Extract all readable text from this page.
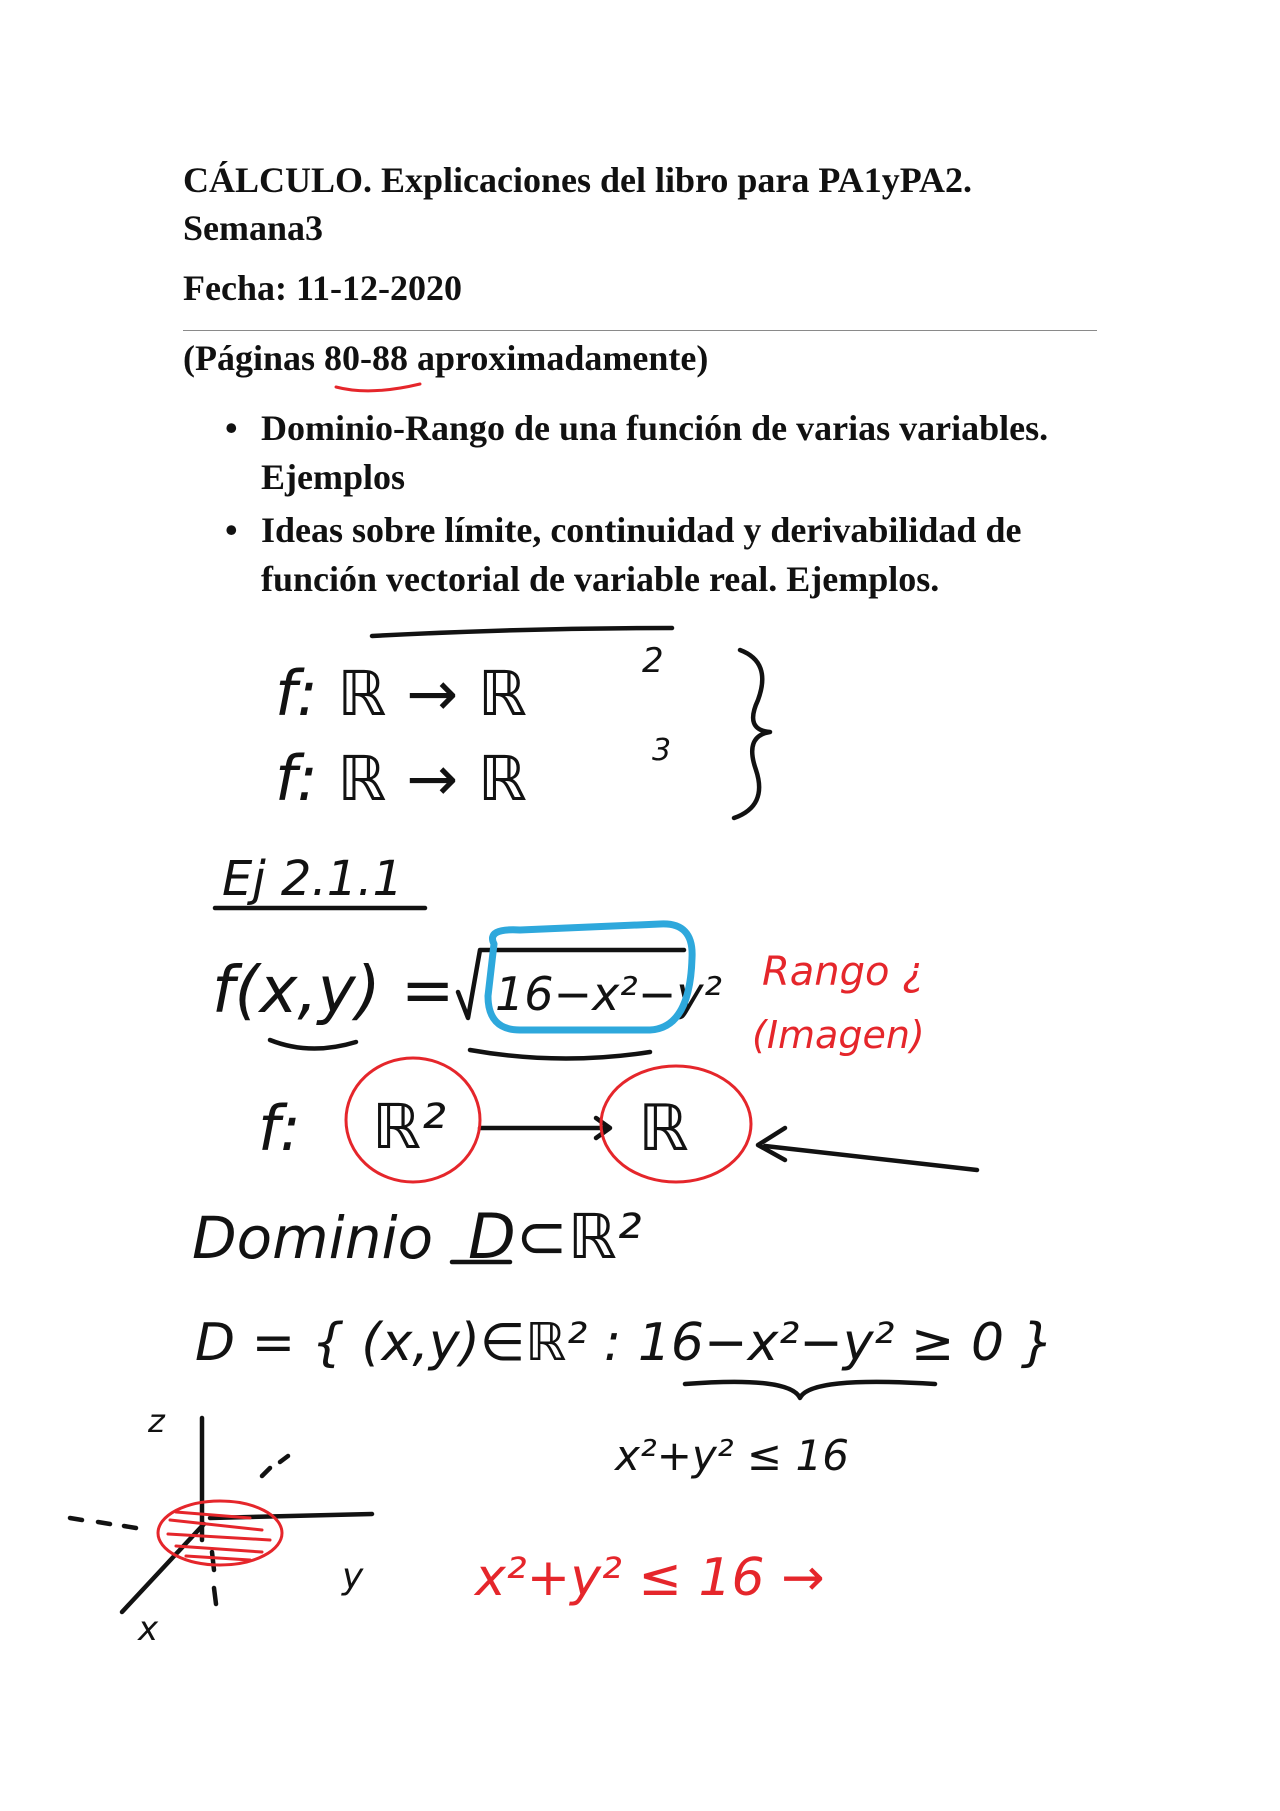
CÁLCULO. Explicaciones del libro para PA1yPA2.
Semana3
Fecha: 11-12-2020
(Páginas 80-88 aproximadamente)
• Dominio-Rango de una función de varias variables. Ejemplos
• Ideas sobre límite, continuidad y derivabilidad de función vectorial de variable real. Ejemplos.
f: ℝ → ℝ	2
f: ℝ → ℝ	3
Ej 2.1.1
f(x,y) = 16−x²−y² Rango ¿
(Imagen)
f: ℝ²	ℝ
Dominio D⊂ℝ²
D = { (x,y)∈ℝ² : 16−x²−y² ≥ 0 }
x²+y² ≤ 16
z
y
x
x²+y² ≤ 16 →
